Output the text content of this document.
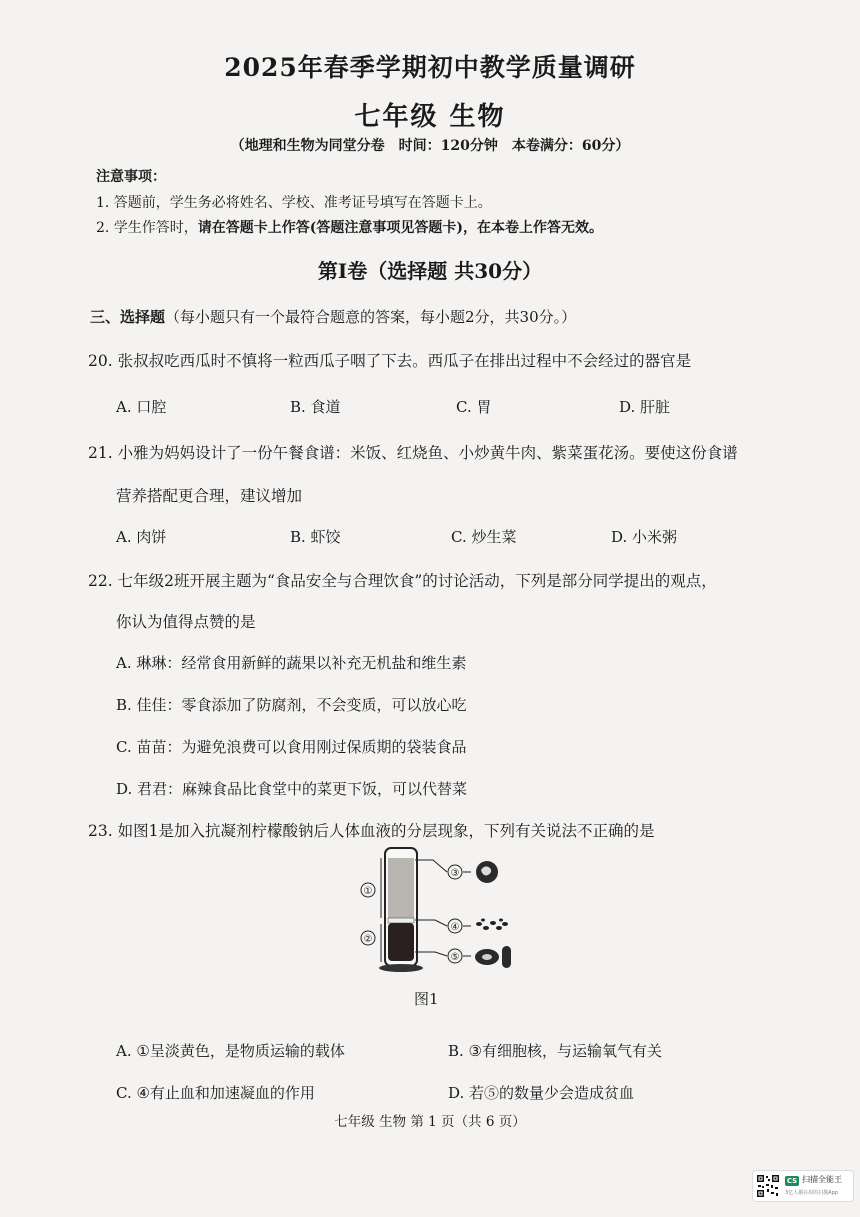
2025年春季学期初中教学质量调研
七年级 生物
（地理和生物为同堂分卷　时间：120分钟　本卷满分：60分）
注意事项：
1. 答题前，学生务必将姓名、学校、准考证号填写在答题卡上。
2. 学生作答时，请在答题卡上作答(答题注意事项见答题卡)，在本卷上作答无效。
第Ⅰ卷（选择题 共30分）
三、选择题（每小题只有一个最符合题意的答案，每小题2分，共30分。）
20. 张叔叔吃西瓜时不慎将一粒西瓜子咽了下去。西瓜子在排出过程中不会经过的器官是
A. 口腔	B. 食道	C. 胃	D. 肝脏
21. 小雅为妈妈设计了一份午餐食谱：米饭、红烧鱼、小炒黄牛肉、紫菜蛋花汤。要使这份食谱
营养搭配更合理，建议增加
A. 肉饼	B. 虾饺	C. 炒生菜	D. 小米粥
22. 七年级2班开展主题为“食品安全与合理饮食”的讨论活动，下列是部分同学提出的观点，
你认为值得点赞的是
A. 琳琳：经常食用新鲜的蔬果以补充无机盐和维生素
B. 佳佳：零食添加了防腐剂，不会变质，可以放心吃
C. 苗苗：为避免浪费可以食用刚过保质期的袋装食品
D. 君君：麻辣食品比食堂中的菜更下饭，可以代替菜
23. 如图1是加入抗凝剂柠檬酸钠后人体血液的分层现象，下列有关说法不正确的是
①
②
③
④
⑤
图1
A. ①呈淡黄色，是物质运输的载体	B. ③有细胞核，与运输氧气有关
C. ④有止血和加速凝血的作用	D. 若⑤的数量少会造成贫血
七年级 生物 第 1 页（共 6 页）
CS 扫描全能王
3亿人都在用的扫描App
